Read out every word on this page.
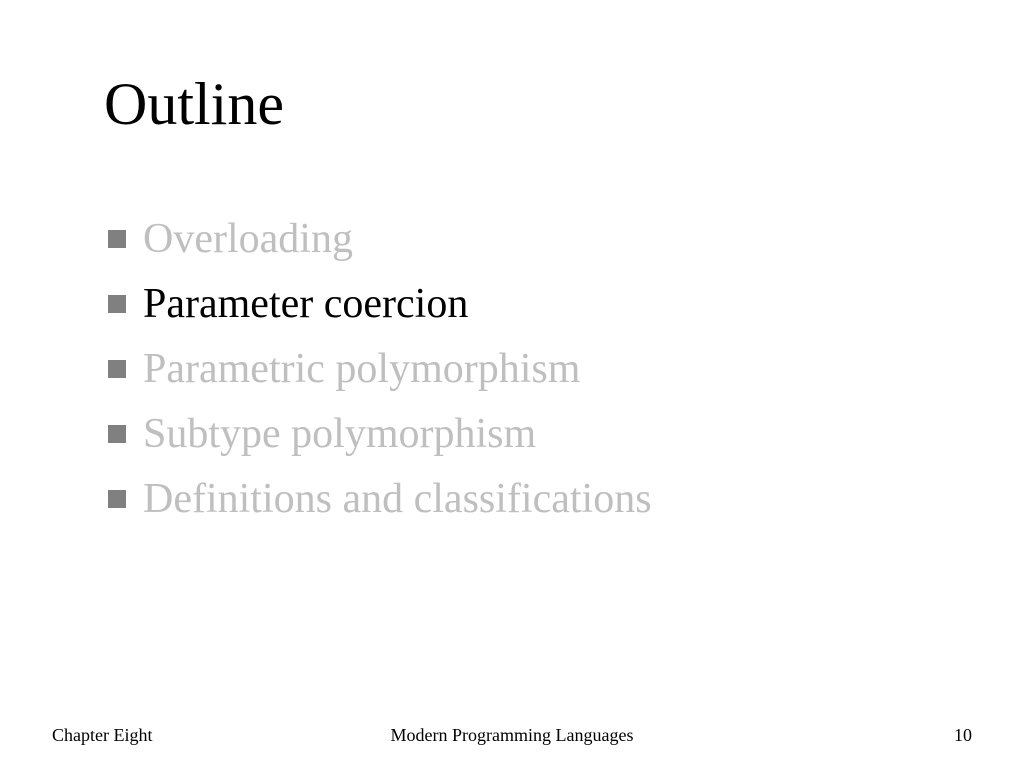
Outline
Overloading
Parameter coercion
Parametric polymorphism
Subtype polymorphism
Definitions and classifications
Chapter Eight	Modern Programming Languages	10
